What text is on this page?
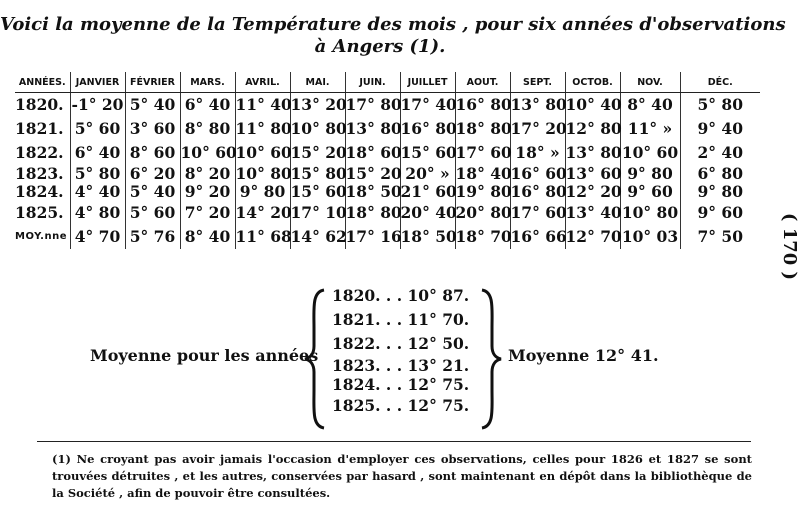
Voici la moyenne de la Température des mois , pour six années d'observations
à Angers (1).
ANNÉES.	JANVIER	FÉVRIER	MARS.	AVRIL.	MAI.	JUIN.	JUILLET	AOUT.	SEPT.	OCTOB.	NOV.	DÉC.
1820.	-1° 20	5° 40	6° 40	11° 40	13° 20	17° 80	17° 40	16° 80	13° 80	10° 40	8° 40	5° 80
1821.	5° 60	3° 60	8° 80	11° 80	10° 80	13° 80	16° 80	18° 80	17° 20	12° 80	11° »	9° 40
1822.	6° 40	8° 60	10° 60	10° 60	15° 20	18° 60	15° 60	17° 60	18° »	13° 80	10° 60	2° 40
1823.	5° 80	6° 20	8° 20	10° 80	15° 80	15° 20	20° »	18° 40	16° 60	13° 60	9° 80	6° 80
1824.	4° 40	5° 40	9° 20	9° 80	15° 60	18° 50	21° 60	19° 80	16° 80	12° 20	9° 60	9° 80
1825.	4° 80	5° 60	7° 20	14° 20	17° 10	18° 80	20° 40	20° 80	17° 60	13° 40	10° 80	9° 60
MOY.nne	4° 70	5° 76	8° 40	11° 68	14° 62	17° 16	18° 50	18° 70	16° 66	12° 70	10° 03	7° 50 ( 170 )
Moyenne pour les années
1820. . . 10° 87.
1821. . . 11° 70.
1822. . . 12° 50.
1823. . . 13° 21.
1824. . . 12° 75.
1825. . . 12° 75.
Moyenne 12° 41.
(1) Ne croyant pas avoir jamais l'occasion d'employer ces observations, celles pour 1826 et 1827 se sont trouvées détruites , et les autres, conservées par hasard , sont maintenant en dépôt dans la bibliothèque de la Société , afin de pouvoir être consultées.
